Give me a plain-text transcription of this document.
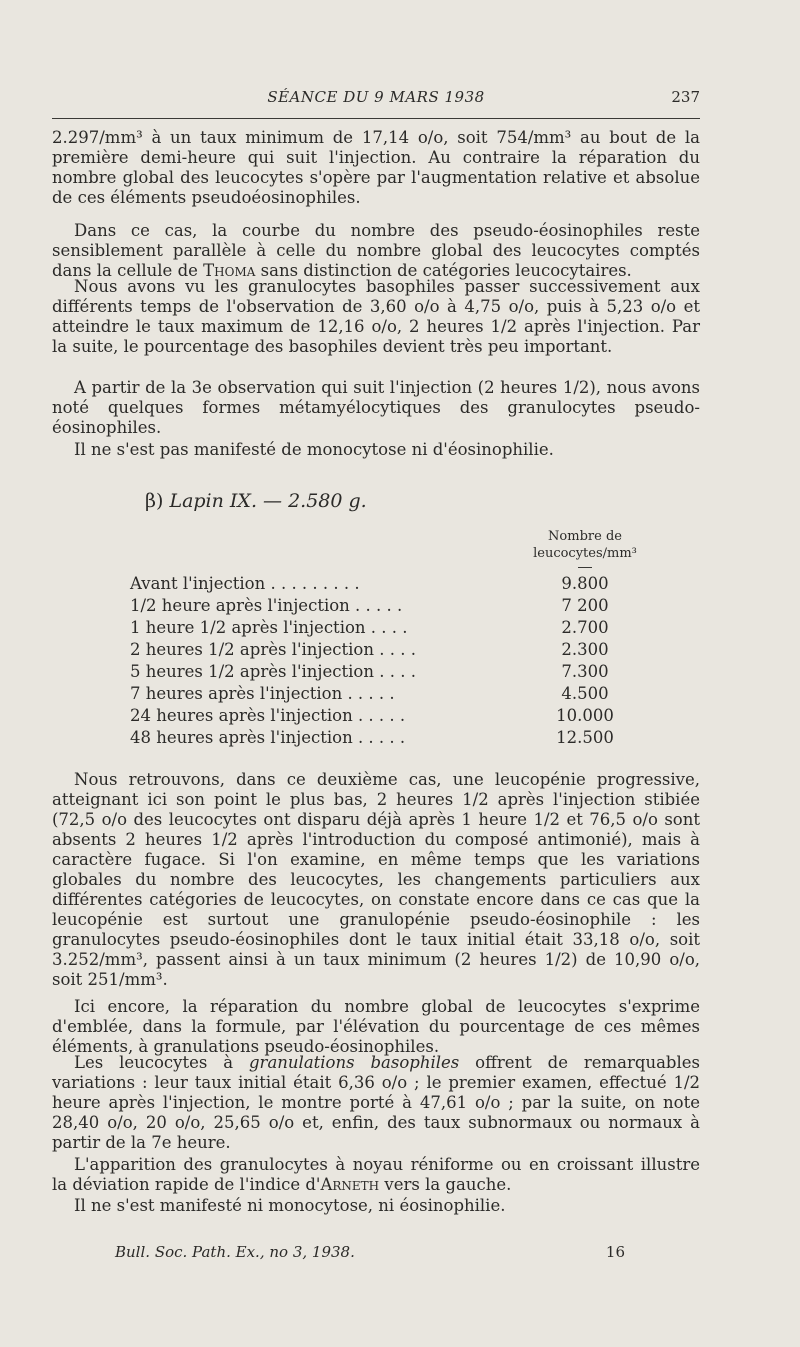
SÉANCE DU 9 MARS 1938	237
2.297/mm³ à un taux minimum de 17,14 o/o, soit 754/mm³ au bout de la première demi-heure qui suit l'injection. Au contraire la réparation du nombre global des leucocytes s'opère par l'augmentation relative et absolue de ces éléments pseudoéosinophiles.
Dans ce cas, la courbe du nombre des pseudo-éosinophiles reste sensiblement parallèle à celle du nombre global des leucocytes comptés dans la cellule de Thoma sans distinction de catégories leucocytaires.
Nous avons vu les granulocytes basophiles passer successivement aux différents temps de l'observation de 3,60 o/o à 4,75 o/o, puis à 5,23 o/o et atteindre le taux maximum de 12,16 o/o, 2 heures 1/2 après l'injection. Par la suite, le pourcentage des basophiles devient très peu important.
A partir de la 3e observation qui suit l'injection (2 heures 1/2), nous avons noté quelques formes métamyélocytiques des granulocytes pseudo-éosinophiles.
Il ne s'est pas manifesté de monocytose ni d'éosinophilie.
β) Lapin IX. — 2.580 g.
Nombre de
leucocytes/mm³
Avant l'injection . . . . . . . . .	9.800
1/2 heure après l'injection . . . . .	7 200
1 heure 1/2 après l'injection . . . .	2.700
2 heures 1/2 après l'injection . . . .	2.300
5 heures 1/2 après l'injection . . . .	7.300
7 heures après l'injection . . . . .	4.500
24 heures après l'injection . . . . .	10.000
48 heures après l'injection . . . . .	12.500
Nous retrouvons, dans ce deuxième cas, une leucopénie progressive, atteignant ici son point le plus bas, 2 heures 1/2 après l'injection stibiée (72,5 o/o des leucocytes ont disparu déjà après 1 heure 1/2 et 76,5 o/o sont absents 2 heures 1/2 après l'introduction du composé antimonié), mais à caractère fugace. Si l'on examine, en même temps que les variations globales du nombre des leucocytes, les changements particuliers aux différentes catégories de leucocytes, on constate encore dans ce cas que la leucopénie est surtout une granulopénie pseudo-éosinophile : les granulocytes pseudo-éosinophiles dont le taux initial était 33,18 o/o, soit 3.252/mm³, passent ainsi à un taux minimum (2 heures 1/2) de 10,90 o/o, soit 251/mm³.
Ici encore, la réparation du nombre global de leucocytes s'exprime d'emblée, dans la formule, par l'élévation du pourcentage de ces mêmes éléments, à granulations pseudo-éosinophiles.
Les leucocytes à granulations basophiles offrent de remarquables variations : leur taux initial était 6,36 o/o ; le premier examen, effectué 1/2 heure après l'injection, le montre porté à 47,61 o/o ; par la suite, on note 28,40 o/o, 20 o/o, 25,65 o/o et, enfin, des taux subnormaux ou normaux à partir de la 7e heure.
L'apparition des granulocytes à noyau réniforme ou en croissant illustre la déviation rapide de l'indice d'Arneth vers la gauche.
Il ne s'est manifesté ni monocytose, ni éosinophilie.
Bull. Soc. Path. Ex., no 3, 1938.	16
